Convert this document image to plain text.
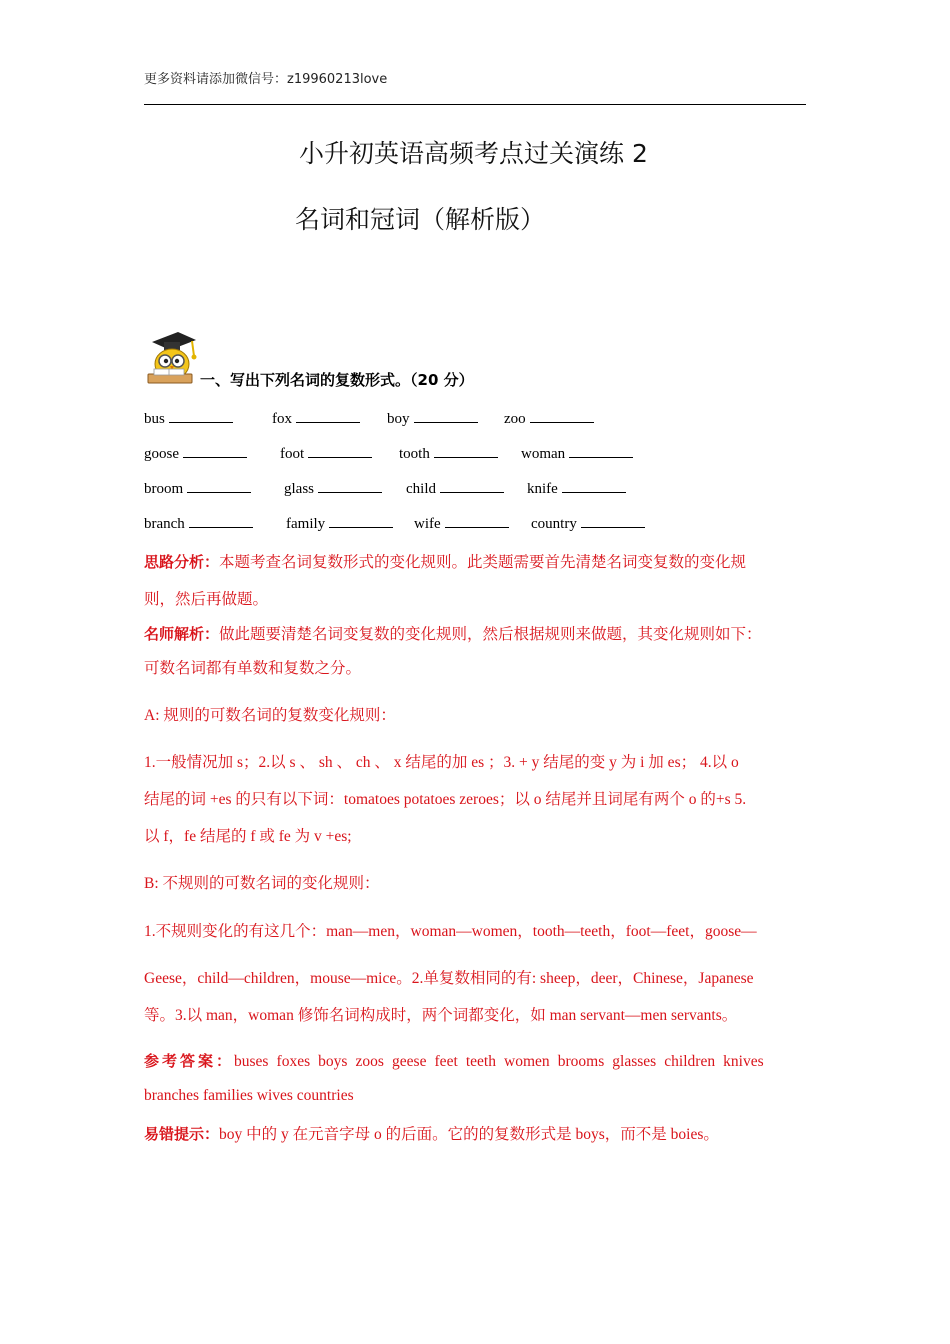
更多资料请添加微信号：z19960213love
小升初英语高频考点过关演练 2
名词和冠词（解析版）
一、写出下列名词的复数形式。（20 分）
bus	fox	boy	zoo
goose	foot	tooth	woman
broom	glass	child	knife
branch	family	wife	country
思路分析：本题考查名词复数形式的变化规则。此类题需要首先清楚名词变复数的变化规
则，然后再做题。
名师解析：做此题要清楚名词变复数的变化规则，然后根据规则来做题，其变化规则如下：
可数名词都有单数和复数之分。
A: 规则的可数名词的复数变化规则：
1.一般情况加 s；2.以 s 、 sh 、 ch 、 x 结尾的加 es ；3. + y 结尾的变 y 为 i 加 es； 4.以 o
结尾的词 +es 的只有以下词：tomatoes potatoes zeroes；以 o 结尾并且词尾有两个 o 的+s 5.
以 f，fe 结尾的 f 或 fe 为 v +es;
B: 不规则的可数名词的变化规则：
1.不规则变化的有这几个：man—men，woman—women，tooth—teeth，foot—feet，goose—
Geese，child—children，mouse—mice。2.单复数相同的有: sheep，deer，Chinese，Japanese
等。3.以 man，woman 修饰名词构成时，两个词都变化，如 man servant—men servants。
参考答案：buses foxes boys zoos geese feet teeth women brooms glasses children knives
branches families wives countries
易错提示：boy 中的 y 在元音字母 o 的后面。它的的复数形式是 boys，而不是 boies。
